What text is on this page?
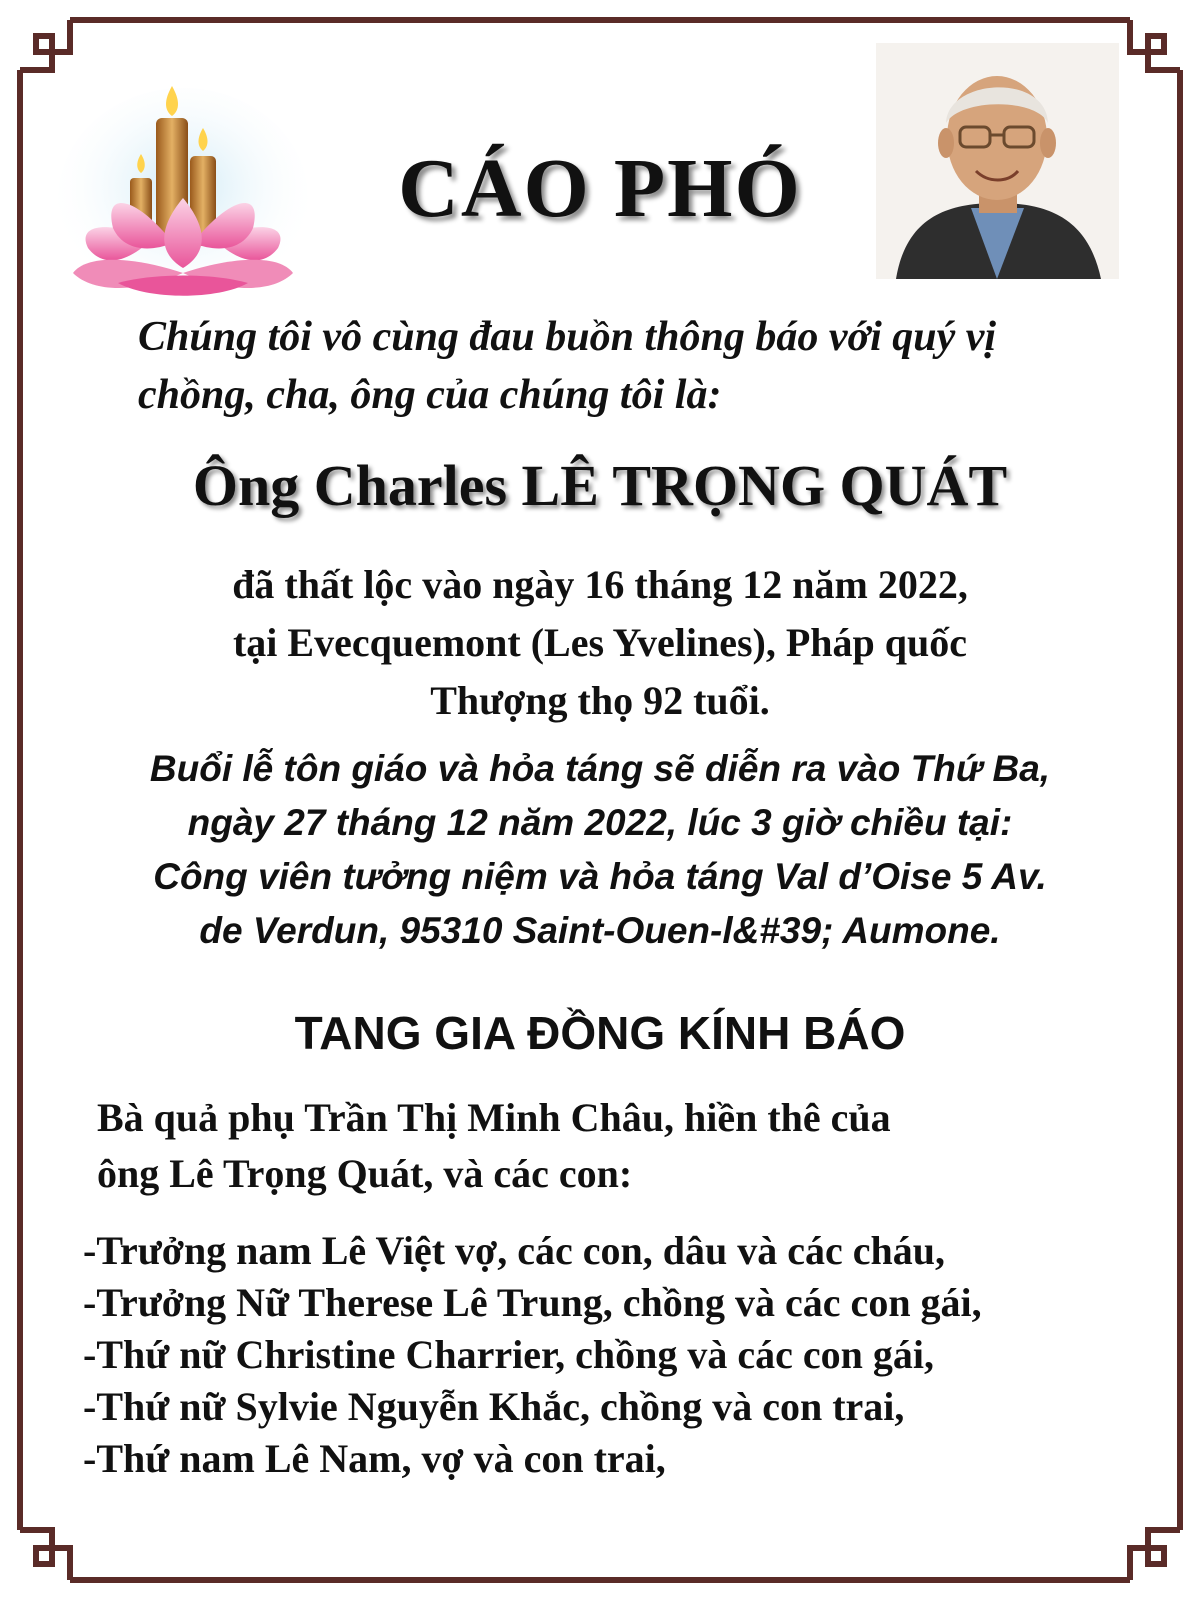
CÁO PHÓ
Chúng tôi vô cùng đau buồn thông báo với quý vị
chồng, cha, ông của chúng tôi là:
Ông Charles LÊ TRỌNG QUÁT
đã thất lộc vào ngày 16 tháng 12 năm 2022,
tại Evecquemont (Les Yvelines), Pháp quốc
Thượng thọ 92 tuổi.
Buổi lễ tôn giáo và hỏa táng sẽ diễn ra vào Thứ Ba,
ngày 27 tháng 12 năm 2022, lúc 3 giờ chiều tại:
Công viên tưởng niệm và hỏa táng Val d’Oise 5 Av.
de Verdun, 95310 Saint-Ouen-l&#39; Aumone.
TANG GIA ĐỒNG KÍNH BÁO
Bà quả phụ Trần Thị Minh Châu, hiền thê của
ông Lê Trọng Quát, và các con:
-Trưởng nam Lê Việt vợ, các con, dâu và các cháu,
-Trưởng Nữ Therese Lê Trung, chồng và các con gái,
-Thứ nữ Christine Charrier, chồng và các con gái,
-Thứ nữ Sylvie Nguyễn Khắc, chồng và con trai,
-Thứ nam Lê Nam, vợ và con trai,
